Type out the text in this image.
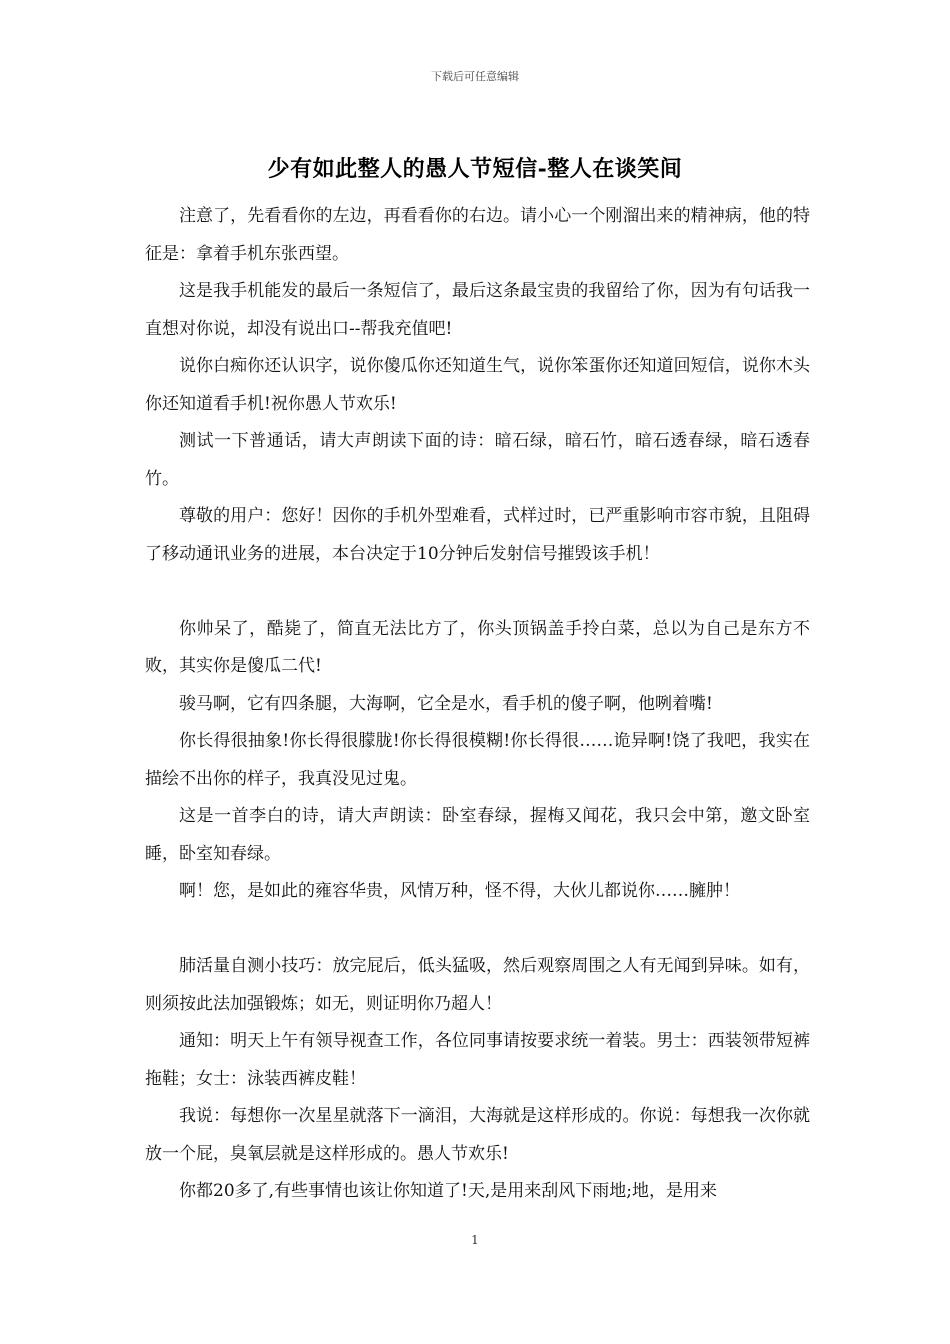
下载后可任意编辑
少有如此整人的愚人节短信-整人在谈笑间

注意了，先看看你的左边，再看看你的右边。请小心一个刚溜出来的精神病，他的特征是：拿着手机东张西望。

这是我手机能发的最后一条短信了，最后这条最宝贵的我留给了你，因为有句话我一直想对你说，却没有说出口--帮我充值吧!

说你白痴你还认识字，说你傻瓜你还知道生气，说你笨蛋你还知道回短信，说你木头你还知道看手机!祝你愚人节欢乐!

测试一下普通话，请大声朗读下面的诗：暗石绿，暗石竹，暗石透春绿，暗石透春竹。

尊敬的用户：您好！因你的手机外型难看，式样过时，已严重影响市容市貌，且阻碍了移动通讯业务的进展，本台决定于10分钟后发射信号摧毁该手机！

你帅呆了，酷毙了，简直无法比方了，你头顶锅盖手拎白菜，总以为自己是东方不败，其实你是傻瓜二代!

骏马啊，它有四条腿，大海啊，它全是水，看手机的傻子啊，他咧着嘴!

你长得很抽象!你长得很朦胧!你长得很模糊!你长得很……诡异啊!饶了我吧，我实在描绘不出你的样子，我真没见过鬼。

这是一首李白的诗，请大声朗读：卧室春绿，握梅又闻花，我只会中第，邀文卧室睡，卧室知春绿。

啊！您，是如此的雍容华贵，风情万种，怪不得，大伙儿都说你……臃肿！

肺活量自测小技巧：放完屁后，低头猛吸，然后观察周围之人有无闻到异味。如有，则须按此法加强锻炼；如无，则证明你乃超人！

通知：明天上午有领导视查工作，各位同事请按要求统一着装。男士：西装领带短裤拖鞋；女士：泳装西裤皮鞋！

我说：每想你一次星星就落下一滴泪，大海就是这样形成的。你说：每想我一次你就放一个屁，臭氧层就是这样形成的。愚人节欢乐!

你都20多了,有些事情也该让你知道了!天,是用来刮风下雨地;地，是用来

1
